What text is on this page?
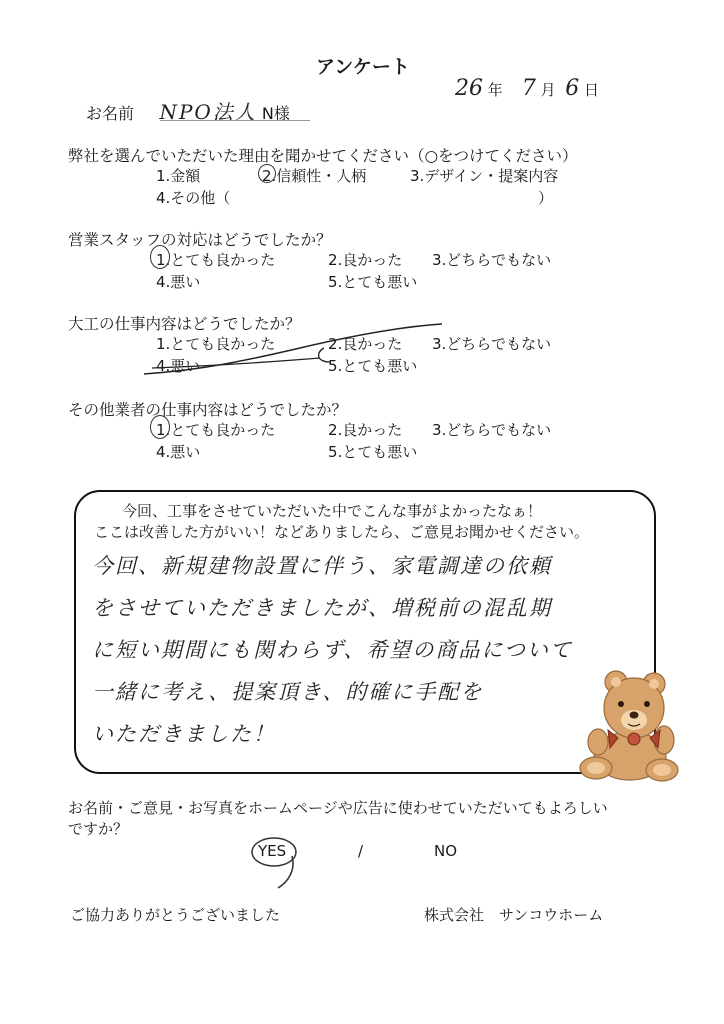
アンケート
26 年 7 月 6 日
お名前 NPO法人 N様
弊社を選んでいただいた理由を聞かせてください（○をつけてください）
1.金額	2.信頼性・人柄	3.デザイン・提案内容
4.その他（	）
営業スタッフの対応はどうでしたか？
1.とても良かった	2.良かった 3.どちらでもない
4.悪い	5.とても悪い
大工の仕事内容はどうでしたか？
1.とても良かった	2.良かった 3.どちらでもない
4.悪い	5.とても悪い
その他業者の仕事内容はどうでしたか？
1.とても良かった	2.良かった 3.どちらでもない
4.悪い	5.とても悪い
今回、工事をさせていただいた中でこんな事がよかったなぁ！
ここは改善した方がいい！などありましたら、ご意見お聞かせください。
今回、新規建物設置に伴う、家電調達の依頼
をさせていただきましたが、増税前の混乱期
に短い期間にも関わらず、希望の商品について
一緒に考え、提案頂き、的確に手配を
いただきました！
お名前・ご意見・お写真をホームページや広告に使わせていただいてもよろしい
ですか？
YES	/	NO
ご協力ありがとうございました	株式会社　サンコウホーム
